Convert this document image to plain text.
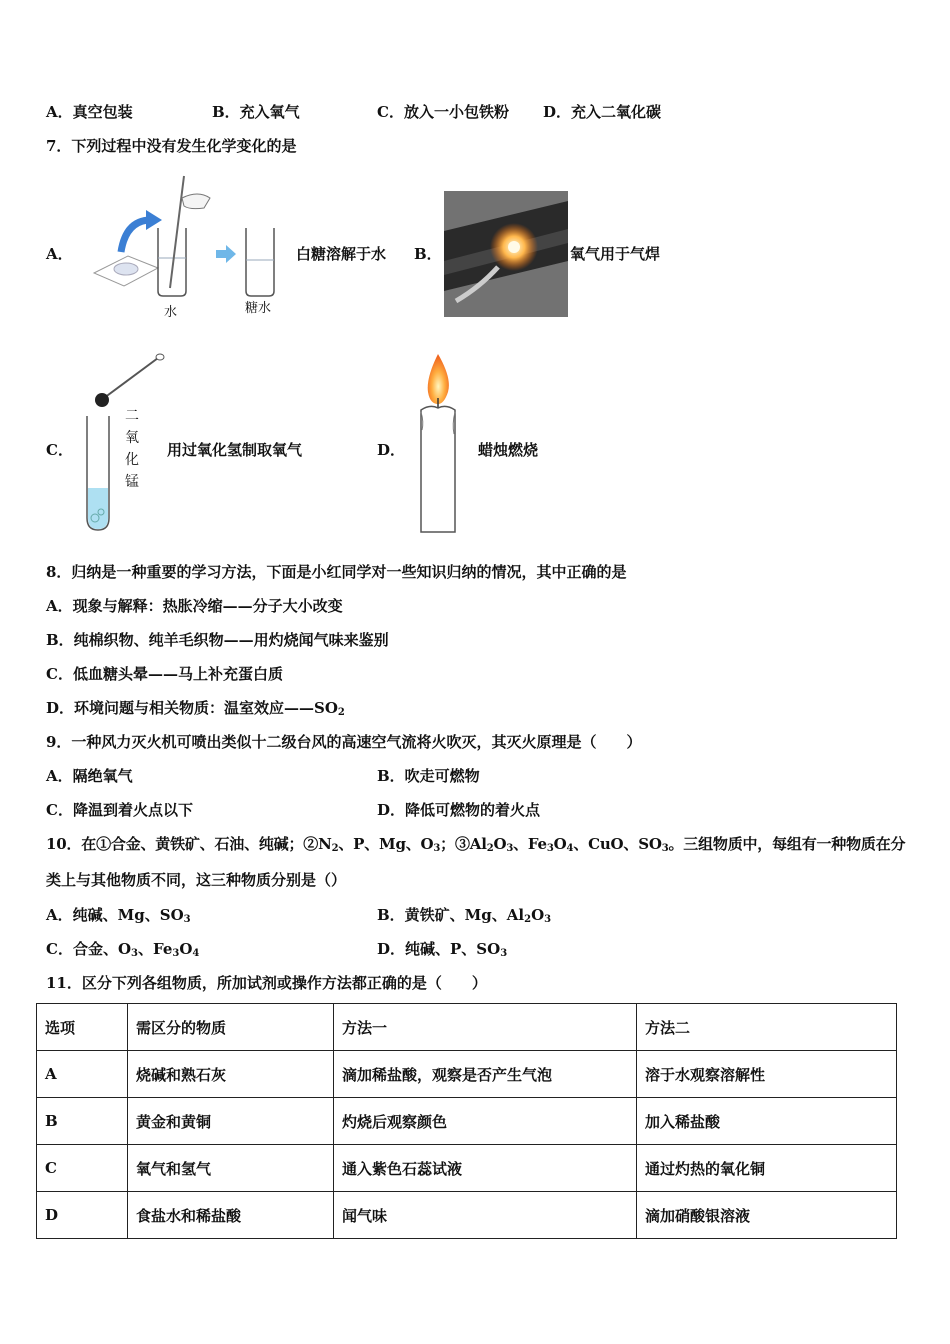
A．真空包装	B．充入氧气	C．放入一小包铁粉 D．充入二氧化碳
7．下列过程中没有发生化学变化的是
A．
水	糖水
白糖溶解于水 B．	氧气用于气焊
C．
二
氧
化
锰
用过氧化氢制取氧气	D．	蜡烛燃烧
8．归纳是一种重要的学习方法，下面是小红同学对一些知识归纳的情况，其中正确的是
A．现象与解释：热胀冷缩——分子大小改变
B．纯棉织物、纯羊毛织物——用灼烧闻气味来鉴别
C．低血糖头晕——马上补充蛋白质
D．环境问题与相关物质：温室效应$——SO_2$
9．一种风力灭火机可喷出类似十二级台风的高速空气流将火吹灭，其灭火原理是（　　）
A．隔绝氧气	B．吹走可燃物
C．降温到着火点以下	D．降低可燃物的着火点
10．在①合金、黄铁矿、石油、纯碱；$②N_2$、P、Mg、$O_3$；$③Al_2O_3$、$Fe_3O_4$、CuO、$SO_3$。三组物质中，每组有一种物质在分
类上与其他物质不同，这三种物质分别是（）
A．纯碱、Mg、$SO_3$	B．黄铁矿、Mg、$Al_2O_3$
C．合金、$O_3$、$Fe_3O_4$	D．纯碱、P、$SO_3$
11．区分下列各组物质，所加试剂或操作方法都正确的是（　　）
选项	需区分的物质	方法一	方法二
A	烧碱和熟石灰	滴加稀盐酸，观察是否产生气泡	溶于水观察溶解性
B	黄金和黄铜	灼烧后观察颜色	加入稀盐酸
C	氧气和氢气	通入紫色石蕊试液	通过灼热的氧化铜
D	食盐水和稀盐酸	闻气味	滴加硝酸银溶液
